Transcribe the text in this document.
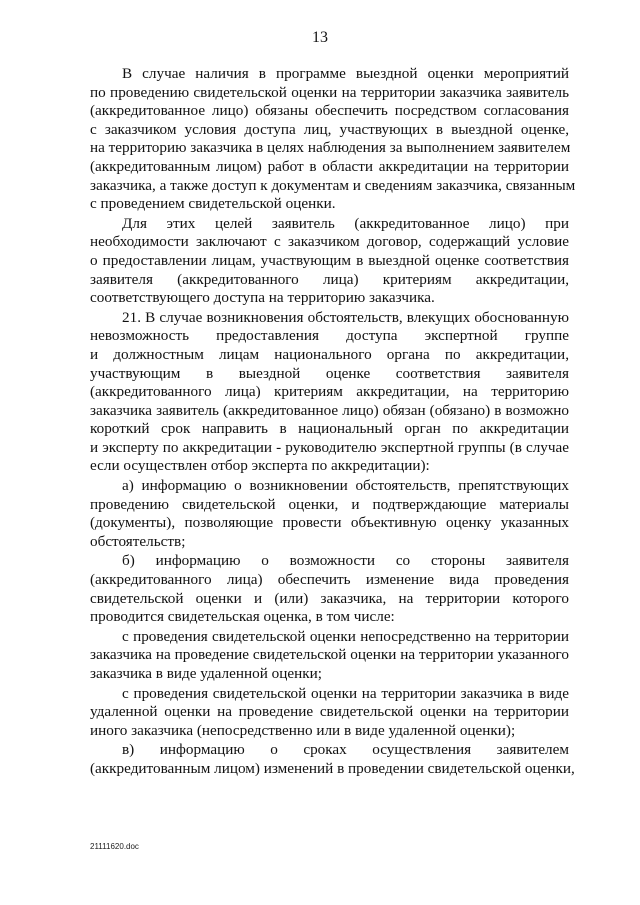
13
В случае наличия в программе выездной оценки мероприятий
по проведению свидетельской оценки на территории заказчика заявитель
(аккредитованное лицо) обязаны обеспечить посредством согласования
с заказчиком условия доступа лиц, участвующих в выездной оценке,
на территорию заказчика в целях наблюдения за выполнением заявителем
(аккредитованным лицом) работ в области аккредитации на территории
заказчика, а также доступ к документам и сведениям заказчика, связанным
с проведением свидетельской оценки.
Для этих целей заявитель (аккредитованное лицо) при
необходимости заключают с заказчиком договор, содержащий условие
о предоставлении лицам, участвующим в выездной оценке соответствия
заявителя (аккредитованного лица) критериям аккредитации,
соответствующего доступа на территорию заказчика.
21. В случае возникновения обстоятельств, влекущих обоснованную
невозможность предоставления доступа экспертной группе
и должностным лицам национального органа по аккредитации,
участвующим в выездной оценке соответствия заявителя
(аккредитованного лица) критериям аккредитации, на территорию
заказчика заявитель (аккредитованное лицо) обязан (обязано) в возможно
короткий срок направить в национальный орган по аккредитации
и эксперту по аккредитации - руководителю экспертной группы (в случае
если осуществлен отбор эксперта по аккредитации):
а) информацию о возникновении обстоятельств, препятствующих
проведению свидетельской оценки, и подтверждающие материалы
(документы), позволяющие провести объективную оценку указанных
обстоятельств;
б) информацию о возможности со стороны заявителя
(аккредитованного лица) обеспечить изменение вида проведения
свидетельской оценки и (или) заказчика, на территории которого
проводится свидетельская оценка, в том числе:
с проведения свидетельской оценки непосредственно на территории
заказчика на проведение свидетельской оценки на территории указанного
заказчика в виде удаленной оценки;
с проведения свидетельской оценки на территории заказчика в виде
удаленной оценки на проведение свидетельской оценки на территории
иного заказчика (непосредственно или в виде удаленной оценки);
в) информацию о сроках осуществления заявителем
(аккредитованным лицом) изменений в проведении свидетельской оценки,
21111620.doc
